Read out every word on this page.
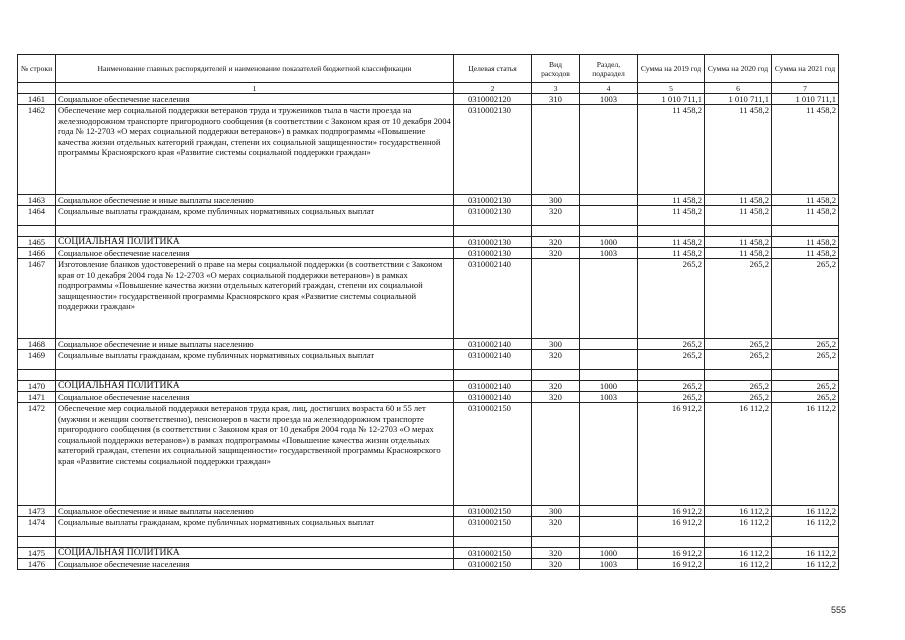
№ строки	Наименование главных распорядителей и наименование показателей бюджетной классификации	Целевая статья	Вид расходов	Раздел, подраздел	Сумма на 2019 год	Сумма на 2020 год	Сумма на 2021 год
	1	2	3	4	5	6	7
1461	Социальное обеспечение населения	0310002120	310	1003	1 010 711,1	1 010 711,1	1 010 711,1
1462	Обеспечение мер социальной поддержки ветеранов труда и тружеников тыла в части проезда на железнодорожном транспорте пригородного сообщения (в соответствии с Законом края от 10 декабря 2004 года № 12-2703 «О мерах социальной поддержки ветеранов») в рамках подпрограммы «Повышение качества жизни отдельных категорий граждан, степени их социальной защищенности» государственной программы Красноярского края «Развитие системы социальной поддержки граждан»	0310002130			11 458,2	11 458,2	11 458,2
1463	Социальное обеспечение и иные выплаты населению	0310002130	300		11 458,2	11 458,2	11 458,2
1464	Социальные выплаты гражданам, кроме публичных нормативных социальных выплат	0310002130	320		11 458,2	11 458,2	11 458,2

1465	СОЦИАЛЬНАЯ ПОЛИТИКА	0310002130	320	1000	11 458,2	11 458,2	11 458,2
1466	Социальное обеспечение населения	0310002130	320	1003	11 458,2	11 458,2	11 458,2
1467	Изготовление бланков удостоверений о праве на меры социальной поддержки (в соответствии с Законом края от 10 декабря 2004 года № 12-2703 «О мерах социальной поддержки ветеранов») в рамках подпрограммы «Повышение качества жизни отдельных категорий граждан, степени их социальной защищенности» государственной программы Красноярского края «Развитие системы социальной поддержки граждан»	0310002140			265,2	265,2	265,2
1468	Социальное обеспечение и иные выплаты населению	0310002140	300		265,2	265,2	265,2
1469	Социальные выплаты гражданам, кроме публичных нормативных социальных выплат	0310002140	320		265,2	265,2	265,2

1470	СОЦИАЛЬНАЯ ПОЛИТИКА	0310002140	320	1000	265,2	265,2	265,2
1471	Социальное обеспечение населения	0310002140	320	1003	265,2	265,2	265,2
1472	Обеспечение мер социальной поддержки ветеранов труда края, лиц, достигших возраста 60 и 55 лет (мужчин и женщин соответственно), пенсионеров в части проезда на железнодорожном транспорте пригородного сообщения (в соответствии с Законом края от 10 декабря 2004 года № 12-2703 «О мерах социальной поддержки ветеранов») в рамках подпрограммы «Повышение качества жизни отдельных категорий граждан, степени их социальной защищенности» государственной программы Красноярского края «Развитие системы социальной поддержки граждан»	0310002150			16 912,2	16 112,2	16 112,2
1473	Социальное обеспечение и иные выплаты населению	0310002150	300		16 912,2	16 112,2	16 112,2
1474	Социальные выплаты гражданам, кроме публичных нормативных социальных выплат	0310002150	320		16 912,2	16 112,2	16 112,2

1475	СОЦИАЛЬНАЯ ПОЛИТИКА	0310002150	320	1000	16 912,2	16 112,2	16 112,2
1476	Социальное обеспечение населения	0310002150	320	1003	16 912,2	16 112,2	16 112,2
555
